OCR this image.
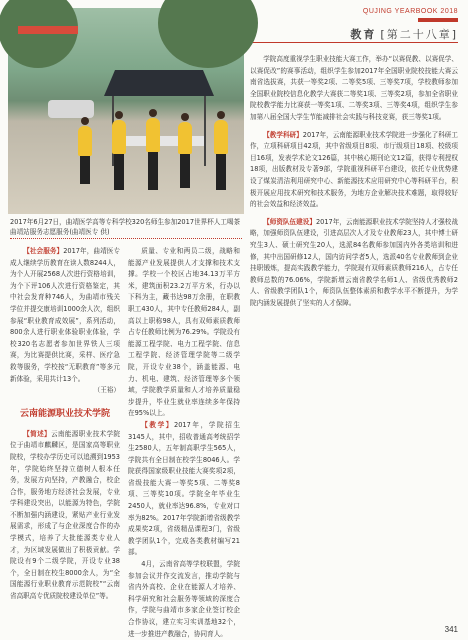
QUJING YEARBOOK 2018
教育 [第二十八章]
2017年6月27日，曲靖医学高等专科学校320名师生参加2017世界杯人工喝茶曲靖站服务志愿服务(曲靖医专 供)

【社会服务】2017年，曲靖医专成人继续学历教育在读人数8244人，为个人开展2568人次进行资格培训，为个下评106人次进行资格鉴定，其中社会发育种746人，为曲靖市残关学位并提交康培训1000余人次，组织参展“职业教育成效展”，系列活动，800余人进行职业体验职业体验，学校320名志愿者参加世界铁人三项赛，为比赛提供比赛，采样、医疗急救等服务，学校按“无职教育”等多元新体验，采用共计13个。

（王裕）

云南能源职业技术学院

【简述】云南能源职业技术学院位于曲靖市麒麟区，是国家高等职业院校，学校办学历史可以追溯到1953年，学院始终坚持立德树人根本任务，发展方向坚持，产教融合，校企合作，服务地方经济社会发展，专业学科建设突出，以能源为特色，学院不断加强内涵建设，紧贴产业行业发展需求，形成了与企业深度合作的办学模式，培养了大批能源类专业人才，为区域发展做出了积极贡献。学院设有9个二级学院，开设专业38个，全日制在校生8000余人，为“全国能源行业职业教育示范院校”“云南省高职高专优质院校建设单位”等。

质量、专业和两员二级，战略和能源产业发展提供人才支撑和技术支撑。学校一个校区占地34.13万平方米，建筑面积23.2万平方米，行办以下科为主，藏书达98万余册，在职教职工430人，其中专任教师284人，副高以上职称98人，具有双师素质教师占专任教师比例为76.29%。学院设有能源工程学院、电力工程学院、信息工程学院、经济管理学院等二级学院，开设专业38个，涵盖能源、电力、机电、建筑、经济管理等多个领域，学院教学质量和人才培养质量稳步提升，毕业生就业率连续多年保持在95%以上。

【教学】2017年，学院招生3145人，其中，招收普通高考统招学生2580人，五年制高职学生565人，学院共有全日制在校学生8046人。学院获得国家级职业技能大赛奖项2项，省级技能大赛一等奖5项、二等奖8项、三等奖10项。学院全年毕业生2450人，就业率达96.8%，专业对口率为82%。2017年学院新增省级教学成果奖2项，省级精品课程3门，省级教学团队1个，完成各类教材编写21部。

4月，云南省高等学校联盟，学院参加会议并作交流发言，推动学院与省内外高校、企业在能源人才培养、科学研究和社会服务等领域的深度合作，学院与曲靖市多家企业签订校企合作协议，建立实习实训基地32个，进一步推进产教融合，协同育人。

学院高度重视学生职业技能大赛工作，举办“以赛促教、以赛促学、以赛促改”的赛事活动，组织学生参加2017年全国职业院校技能大赛云南省选拔赛，共获一等奖2项、二等奖5项、三等奖7项，学校教师参加全国职业院校信息化教学大赛获二等奖1项、三等奖2项，参加全省职业院校教学能力比赛获一等奖1项、二等奖3项、三等奖4项，组织学生参加第八届全国大学生节能减排社会实践与科技竞赛，获三等奖1项。

【教学科研】2017年，云南能源职业技术学院进一步强化了科研工作，立项科研项目42项，其中省级项目8项、市厅级项目18项、校级项目16项，发表学术论文126篇，其中核心期刊论文12篇，获得专利授权18项，出版教材及专著9部，学院重视科研平台建设，依托专业优势建设了煤炭清洁利用研究中心、新能源技术应用研究中心等科研平台，积极开展应用技术研究和技术服务，为地方企业解决技术难题，取得较好的社会效益和经济效益。

【师资队伍建设】2017年，云南能源职业技术学院坚持人才强校战略，加强师资队伍建设，引进高层次人才及专业教师23人，其中博士研究生3人、硕士研究生20人，选派84名教师参加国内外各类培训和进修，其中出国研修12人，国内访问学者5人，选派40名专业教师到企业挂职锻炼，提高实践教学能力，学院现有双师素质教师216人，占专任教师总数的76.06%，学院新增云南省教学名师1人、省级优秀教师2人、省级教学团队1个，师资队伍整体素质和教学水平不断提升，为学院内涵发展提供了坚实的人才保障。

341
